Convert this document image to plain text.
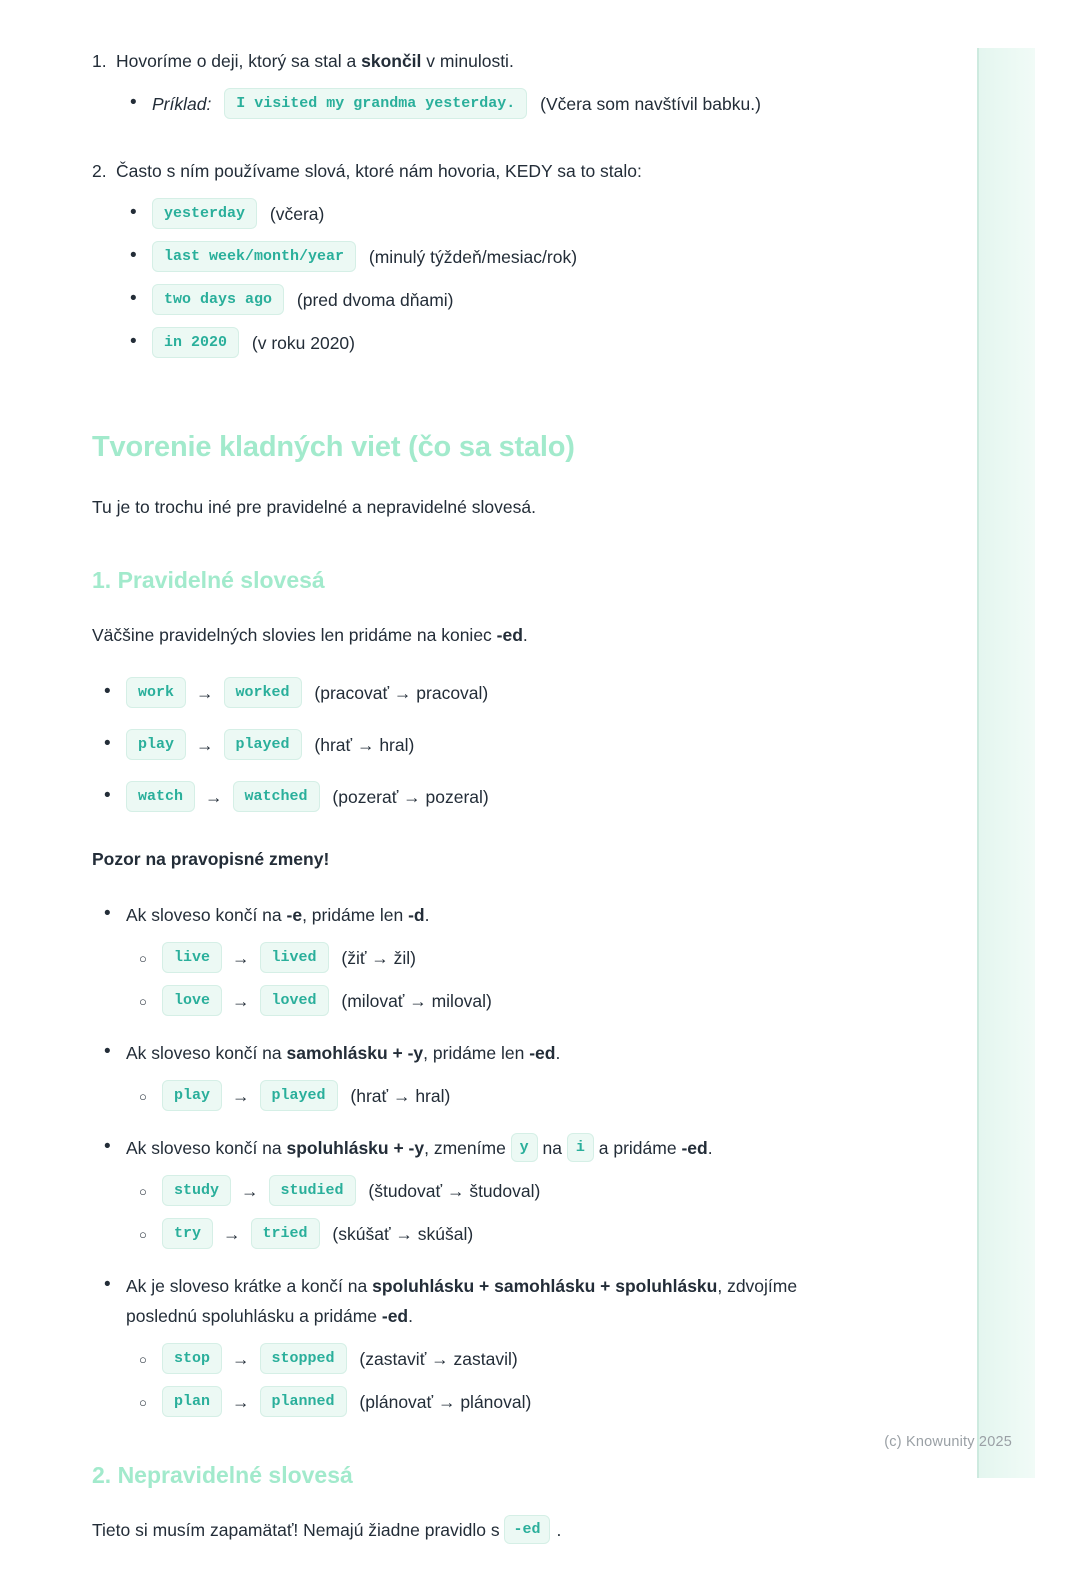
(c) Knowunity 2025
1. Hovoríme o deji, ktorý sa stal a skončil v minulosti.
• Príklad: I visited my grandma yesterday. (Včera som navštívil babku.)
2. Často s ním používame slová, ktoré nám hovoria, KEDY sa to stalo:
• yesterday (včera)
• last week/month/year (minulý týždeň/mesiac/rok)
• two days ago (pred dvoma dňami)
• in 2020 (v roku 2020)
Tvorenie kladných viet (čo sa stalo)

Tu je to trochu iné pre pravidelné a nepravidelné slovesá.

1. Pravidelné slovesá

Väčšine pravidelných slovies len pridáme na koniec -ed.

• work → worked (pracovať → pracoval)
• play → played (hrať → hral)
• watch → watched (pozerať → pozeral)

Pozor na pravopisné zmeny!

• Ak sloveso končí na -e, pridáme len -d.
○ live → lived (žiť → žil)
○ love → loved (milovať → miloval)
• Ak sloveso končí na samohlásku + -y, pridáme len -ed.
○ play → played (hrať → hral)
• Ak sloveso končí na spoluhlásku + -y, zmeníme y na i a pridáme -ed.
○ study → studied (študovať → študoval)
○ try → tried (skúšať → skúšal)
• Ak je sloveso krátke a končí na spoluhlásku + samohlásku + spoluhlásku, zdvojíme poslednú spoluhlásku a pridáme -ed.
○ stop → stopped (zastaviť → zastavil)
○ plan → planned (plánovať → plánoval)
2. Nepravidelné slovesá

Tieto si musím zapamätať! Nemajú žiadne pravidlo s -ed .
